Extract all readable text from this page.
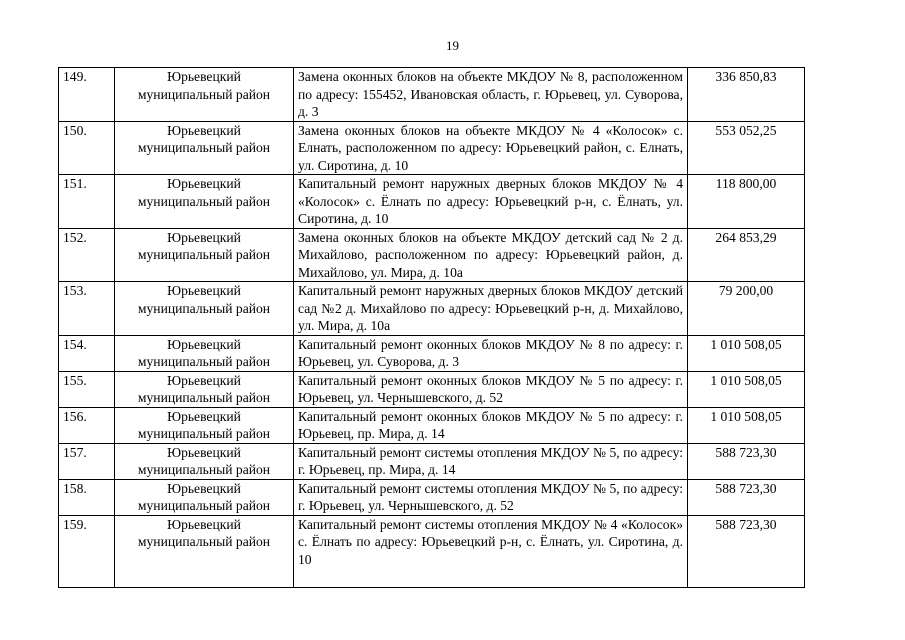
19
149.	Юрьевецкий муниципальный район	Замена оконных блоков на объекте МКДОУ № 8, расположенном по адресу: 155452, Ивановская область, г. Юрьевец, ул. Суворова, д. 3	336 850,83
150.	Юрьевецкий муниципальный район	Замена оконных блоков на объекте МКДОУ № 4 «Колосок» с. Елнать, расположенном по адресу: Юрьевецкий район, с. Елнать, ул. Сиротина, д. 10	553 052,25
151.	Юрьевецкий муниципальный район	Капитальный ремонт наружных дверных блоков МКДОУ № 4 «Колосок» с. Ёлнать по адресу: Юрьевецкий р-н, с. Ёлнать, ул. Сиротина, д. 10	118 800,00
152.	Юрьевецкий муниципальный район	Замена оконных блоков на объекте МКДОУ детский сад № 2 д. Михайлово, расположенном по адресу: Юрьевецкий район, д. Михайлово, ул. Мира, д. 10а	264 853,29
153.	Юрьевецкий муниципальный район	Капитальный ремонт наружных дверных блоков МКДОУ детский сад №2 д. Михайлово по адресу: Юрьевецкий р-н, д. Михайлово, ул. Мира, д. 10а	79 200,00
154.	Юрьевецкий муниципальный район	Капитальный ремонт оконных блоков МКДОУ № 8 по адресу: г. Юрьевец, ул. Суворова, д. 3	1 010 508,05
155.	Юрьевецкий муниципальный район	Капитальный ремонт оконных блоков МКДОУ № 5 по адресу: г. Юрьевец, ул. Чернышевского, д. 52	1 010 508,05
156.	Юрьевецкий муниципальный район	Капитальный ремонт оконных блоков МКДОУ № 5 по адресу: г. Юрьевец, пр. Мира, д. 14	1 010 508,05
157.	Юрьевецкий муниципальный район	Капитальный ремонт системы отопления МКДОУ № 5, по адресу: г. Юрьевец, пр. Мира, д. 14	588 723,30
158.	Юрьевецкий муниципальный район	Капитальный ремонт системы отопления МКДОУ № 5, по адресу: г. Юрьевец, ул. Чернышевского, д. 52	588 723,30
159.	Юрьевецкий муниципальный район	Капитальный ремонт системы отопления МКДОУ № 4 «Колосок» с. Ёлнать по адресу: Юрьевецкий р-н, с. Ёлнать, ул. Сиротина, д. 10	588 723,30
